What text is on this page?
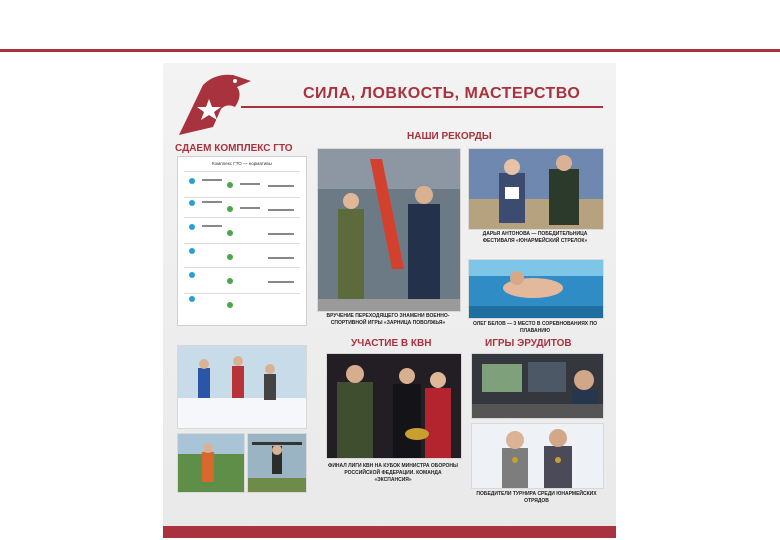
СИЛА, ЛОВКОСТЬ, МАСТЕРСТВО
СДАЕМ КОМПЛЕКС ГТО
Комплекс ГТО — нормативы
НАШИ РЕКОРДЫ
ВРУЧЕНИЕ ПЕРЕХОДЯЩЕГО ЗНАМЕНИ ВОЕННО-СПОРТИВНОЙ ИГРЫ «ЗАРНИЦА ПОВОЛЖЬЯ»
ДАРЬЯ АНТОНОВА — ПОБЕДИТЕЛЬНИЦА ФЕСТИВАЛЯ «ЮНАРМЕЙСКИЙ СТРЕЛОК»
ОЛЕГ БЕЛОВ — 3 МЕСТО В СОРЕВНОВАНИЯХ ПО ПЛАВАНИЮ
УЧАСТИЕ В КВН
ФИНАЛ ЛИГИ КВН НА КУБОК МИНИСТРА ОБОРОНЫ РОССИЙСКОЙ ФЕДЕРАЦИИ. КОМАНДА «ЭКСПАНСИЯ»
ИГРЫ ЭРУДИТОВ
ПОБЕДИТЕЛИ ТУРНИРА СРЕДИ ЮНАРМЕЙСКИХ ОТРЯДОВ
